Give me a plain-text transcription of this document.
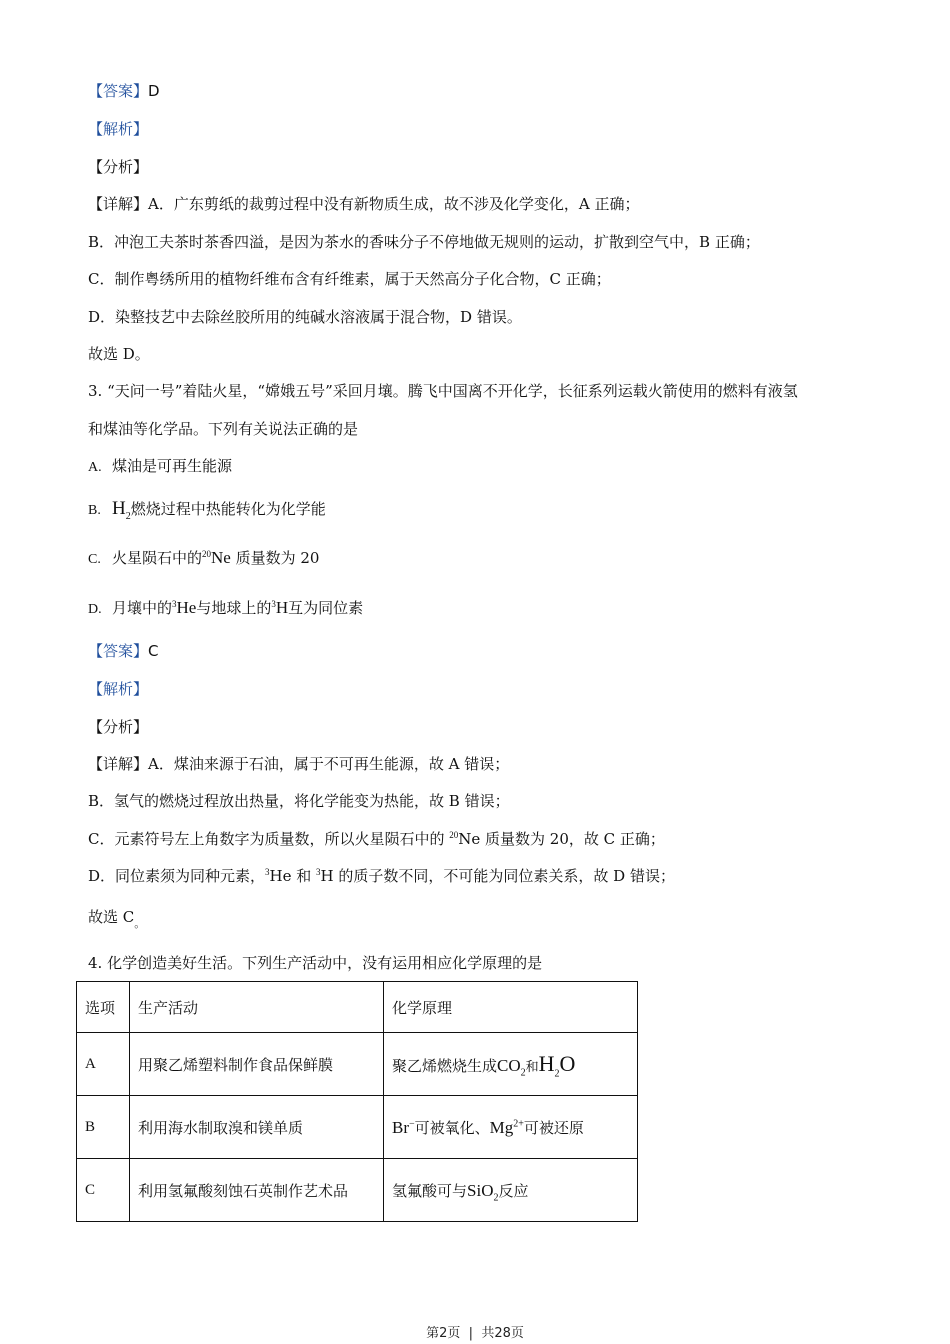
【答案】D
【解析】
【分析】
【详解】A．广东剪纸的裁剪过程中没有新物质生成，故不涉及化学变化，A 正确；
B．冲泡工夫茶时茶香四溢，是因为茶水的香味分子不停地做无规则的运动，扩散到空气中，B 正确；
C．制作粤绣所用的植物纤维布含有纤维素，属于天然高分子化合物，C 正确；
D．染整技艺中去除丝胶所用的纯碱水溶液属于混合物，D 错误。
故选 D。
3. “天问一号”着陆火星，“嫦娥五号”采回月壤。腾飞中国离不开化学，长征系列运载火箭使用的燃料有液氢
和煤油等化学品。下列有关说法正确的是
A. 煤油是可再生能源
B. $H_2$燃烧过程中热能转化为化学能
C. 火星陨石中的$^{20}$Ne 质量数为 20
D. 月壤中的$^3$He与地球上的$^3$H互为同位素
【答案】C
【解析】
【分析】
【详解】A．煤油来源于石油，属于不可再生能源，故 A 错误；
B．氢气的燃烧过程放出热量，将化学能变为热能，故 B 错误；
C．元素符号左上角数字为质量数，所以火星陨石中的 $^{20}$Ne 质量数为 20，故 C 正确；
D．同位素须为同种元素，$^3$He 和 $^3$H 的质子数不同，不可能为同位素关系，故 D 错误；
故选 $C_。$
4. 化学创造美好生活。下列生产活动中，没有运用相应化学原理的是
选项	生产活动	化学原理
A	用聚乙烯塑料制作食品保鲜膜	聚乙烯燃烧生成$CO_2$和$H_2O$
B	利用海水制取溴和镁单质	Br−可被氧化、$Mg^{2+}$可被还原
C	利用氢氟酸刻蚀石英制作艺术品	氢氟酸可与SiO$_2$反应
第2页 | 共28页
